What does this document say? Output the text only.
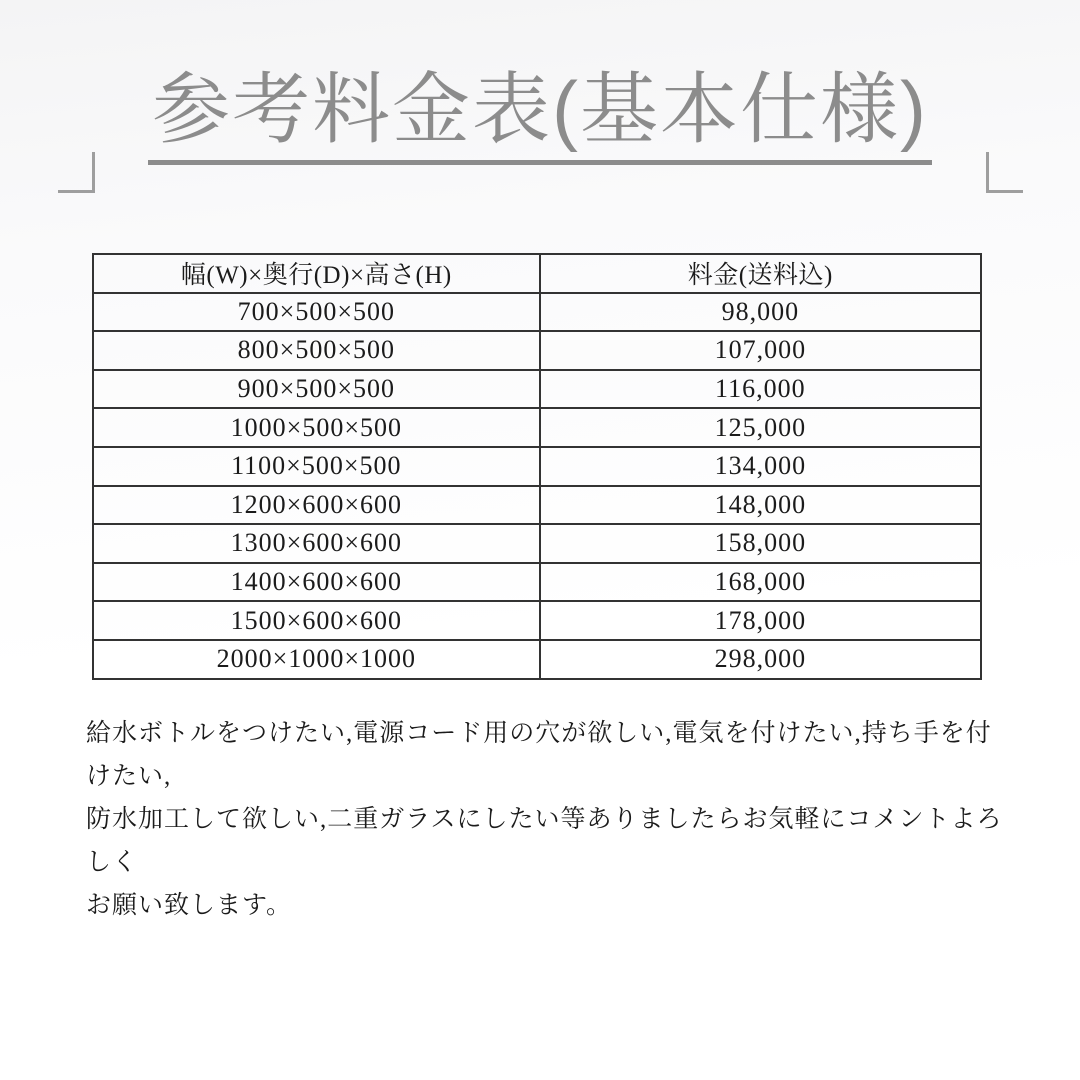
参考料金表(基本仕様)
幅(W)×奥行(D)×高さ(H)	料金(送料込)
700×500×500	98,000
800×500×500	107,000
900×500×500	116,000
1000×500×500	125,000
1100×500×500	134,000
1200×600×600	148,000
1300×600×600	158,000
1400×600×600	168,000
1500×600×600	178,000
2000×1000×1000	298,000
給水ボトルをつけたい,電源コード用の穴が欲しい,電気を付けたい,持ち手を付けたい,
防水加工して欲しい,二重ガラスにしたい等ありましたらお気軽にコメントよろしく
お願い致します。
